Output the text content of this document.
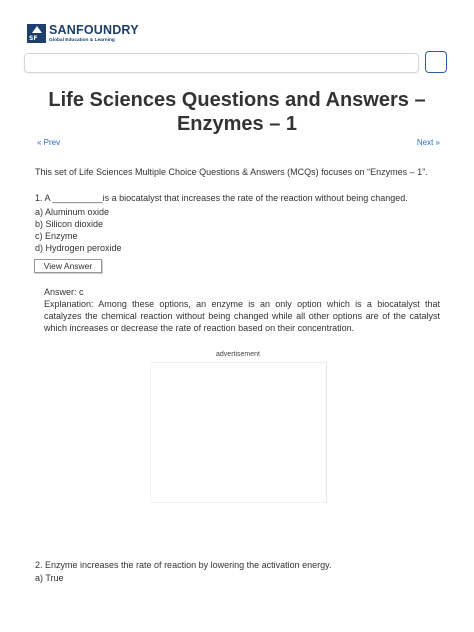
SF
SANFOUNDRY
Global Education & Learning
Life Sciences Questions and Answers – Enzymes – 1
« Prev	Next »
This set of Life Sciences Multiple Choice Questions & Answers (MCQs) focuses on “Enzymes – 1”.
1. A __________is a biocatalyst that increases the rate of the reaction without being changed.
a) Aluminum oxide
b) Silicon dioxide
c) Enzyme
d) Hydrogen peroxide
View Answer
Answer: c
Explanation: Among these options, an enzyme is an only option which is a biocatalyst that catalyzes the chemical reaction without being changed while all other options are of the catalyst which increases or decrease the rate of reaction based on their concentration.
advertisement
2. Enzyme increases the rate of reaction by lowering the activation energy.
a) True
